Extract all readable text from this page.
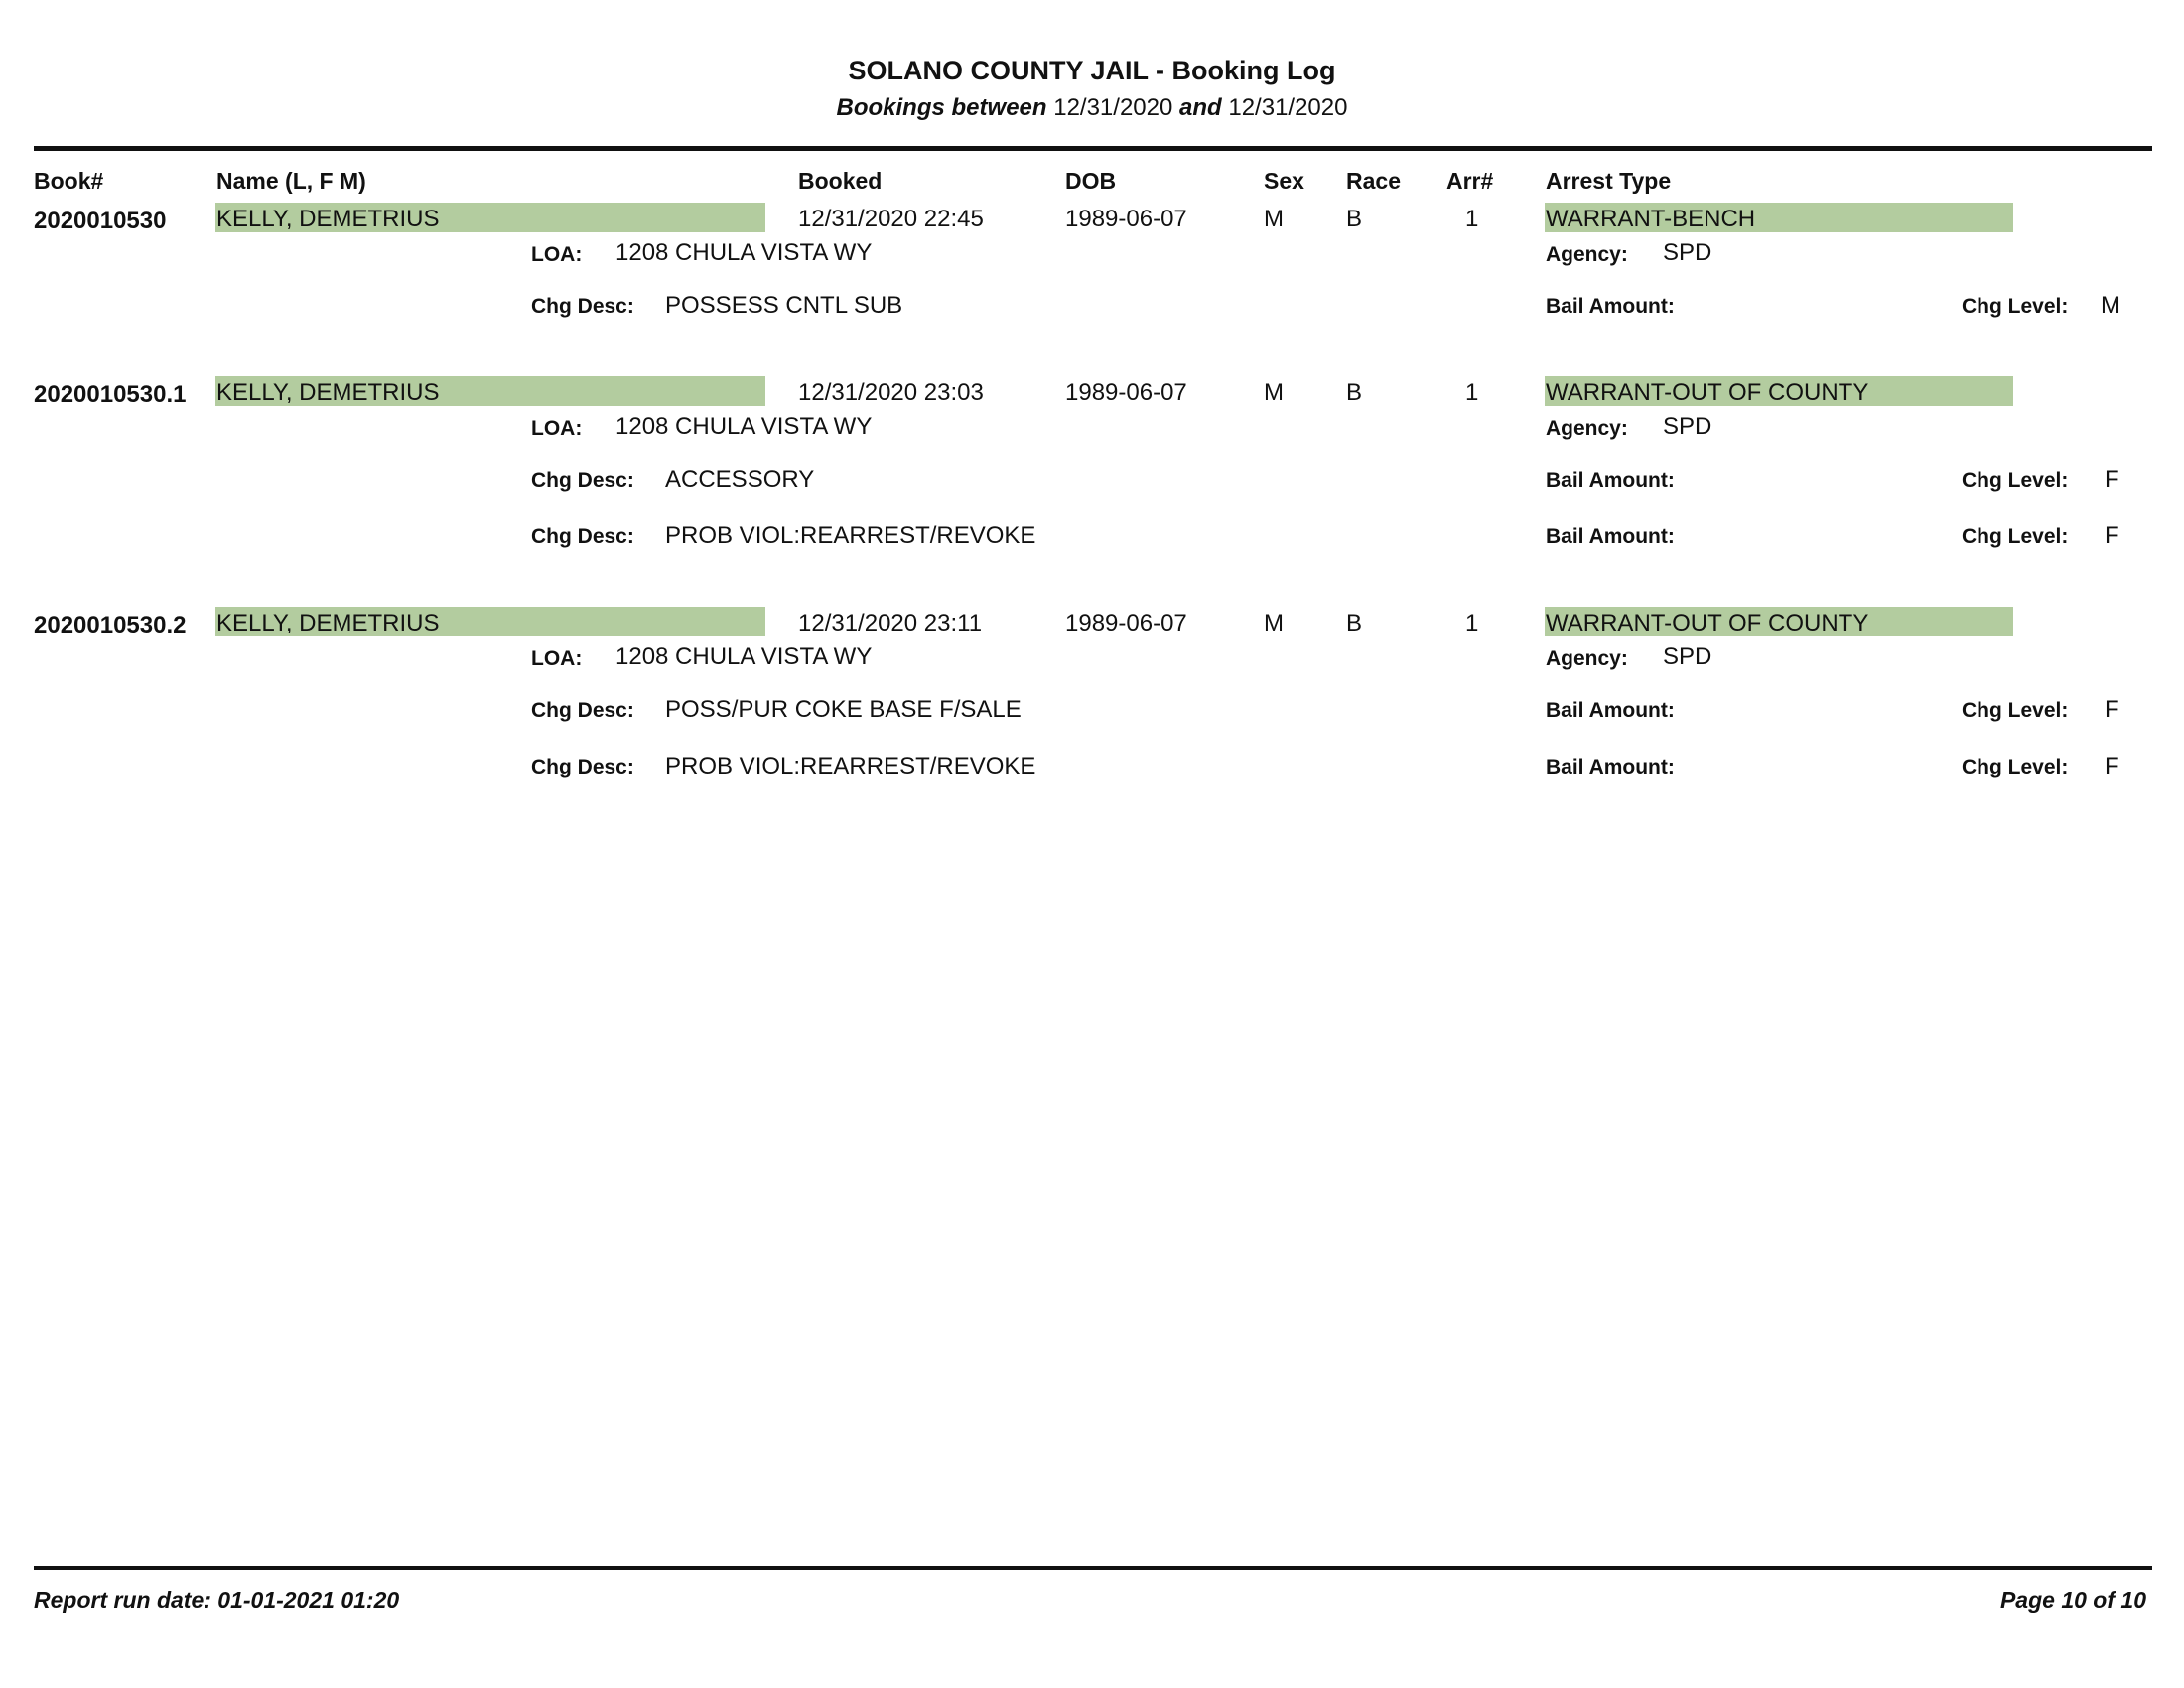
SOLANO COUNTY JAIL - Booking Log
Bookings between 12/31/2020 and 12/31/2020
Book#	Name (L, F M)	Booked	DOB	Sex Race Arr# Arrest Type
2020010530 KELLY, DEMETRIUS	12/31/2020 22:45	1989-06-07	M	B	1	WARRANT-BENCH
LOA: 1208 CHULA VISTA WY	Agency: SPD
Chg Desc: POSSESS CNTL SUB	Bail Amount:	Chg Level: M
2020010530.1 KELLY, DEMETRIUS	12/31/2020 23:03	1989-06-07	M	B	1	WARRANT-OUT OF COUNTY
LOA: 1208 CHULA VISTA WY	Agency: SPD
Chg Desc: ACCESSORY	Bail Amount:	Chg Level: F
Chg Desc: PROB VIOL:REARREST/REVOKE	Bail Amount:	Chg Level: F
2020010530.2 KELLY, DEMETRIUS	12/31/2020 23:11	1989-06-07	M	B	1	WARRANT-OUT OF COUNTY
LOA: 1208 CHULA VISTA WY	Agency: SPD
Chg Desc: POSS/PUR COKE BASE F/SALE	Bail Amount:	Chg Level: F
Chg Desc: PROB VIOL:REARREST/REVOKE	Bail Amount:	Chg Level: F
Report run date: 01-01-2021 01:20	Page 10 of 10
